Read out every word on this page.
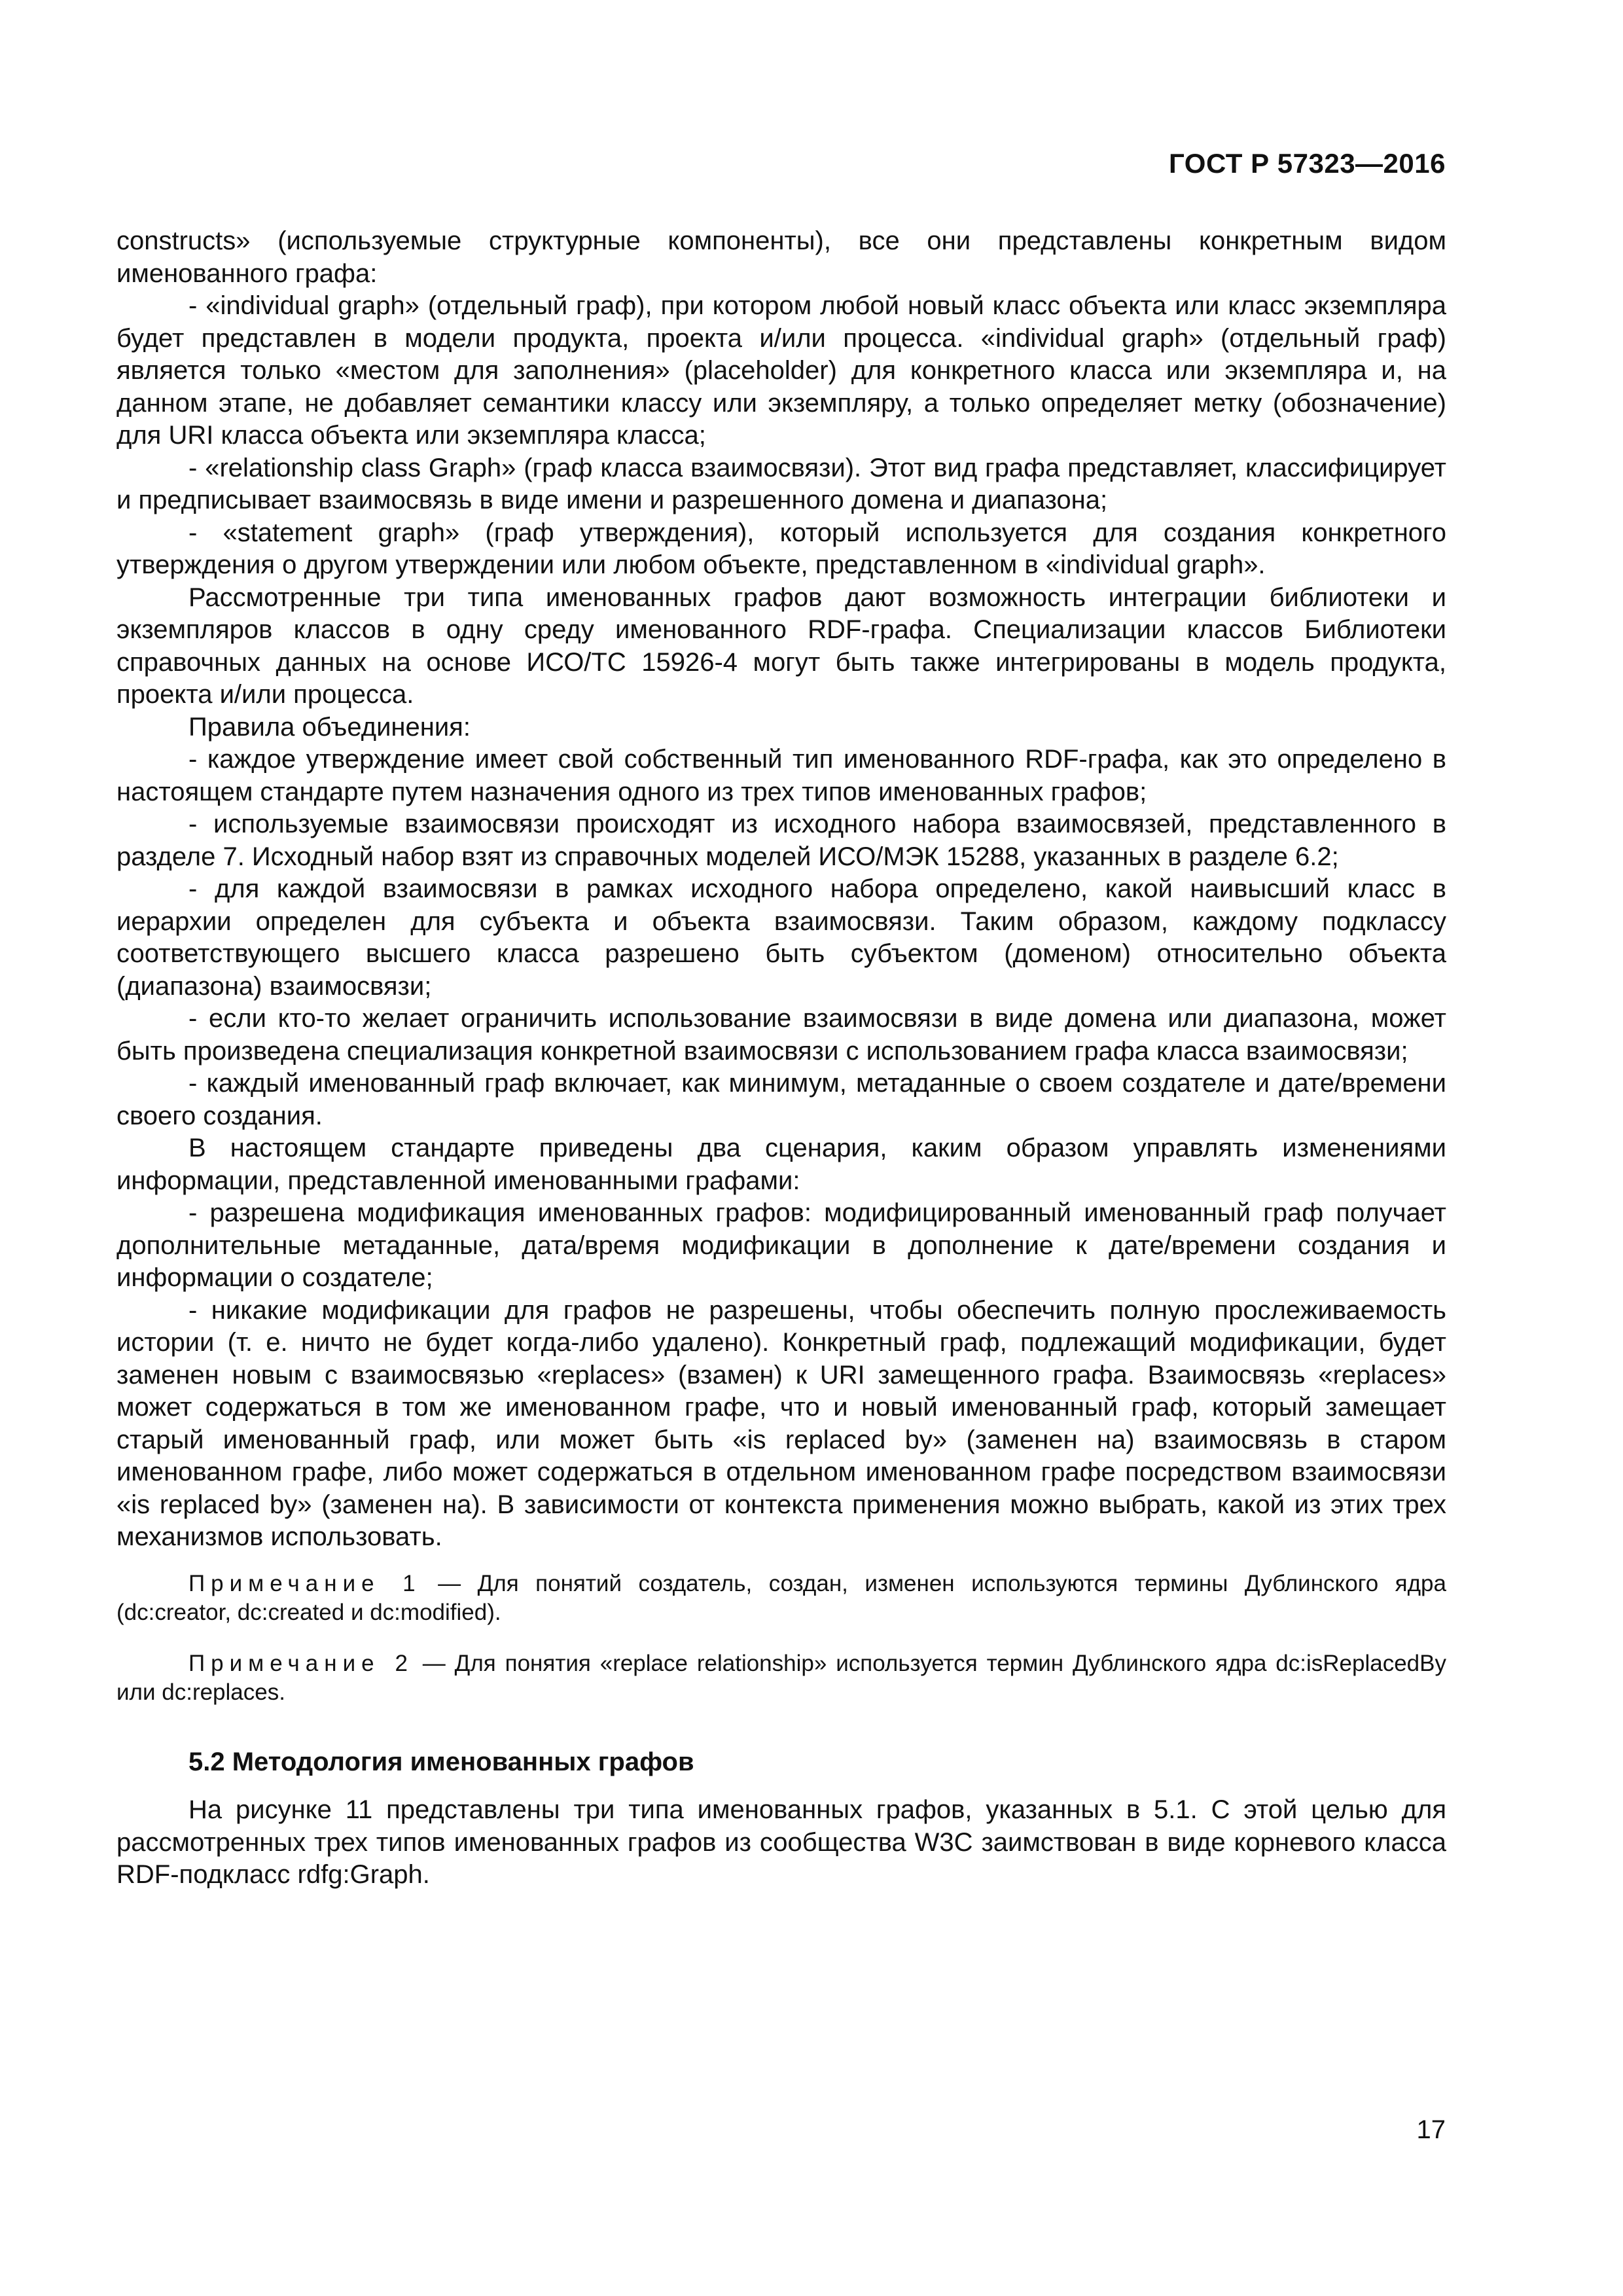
ГОСТ Р 57323—2016

constructs» (используемые структурные компоненты), все они представлены конкретным видом именованного графа:

- «individual graph» (отдельный граф), при котором любой новый класс объекта или класс экземпляра будет представлен в модели продукта, проекта и/или процесса. «individual graph» (отдельный граф) является только «местом для заполнения» (placeholder) для конкретного класса или экземпляра и, на данном этапе, не добавляет семантики классу или экземпляру, а только определяет метку (обозначение) для URI класса объекта или экземпляра класса;

- «relationship class Graph» (граф класса взаимосвязи). Этот вид графа представляет, классифицирует и предписывает взаимосвязь в виде имени и разрешенного домена и диапазона;

- «statement graph» (граф утверждения), который используется для создания конкретного утверждения о другом утверждении или любом объекте, представленном в «individual graph».

Рассмотренные три типа именованных графов дают возможность интеграции библиотеки и экземпляров классов в одну среду именованного RDF-графа. Специализации классов Библиотеки справочных данных на основе ИСО/ТС 15926-4 могут быть также интегрированы в модель продукта, проекта и/или процесса.

Правила объединения:

- каждое утверждение имеет свой собственный тип именованного RDF-графа, как это определено в настоящем стандарте путем назначения одного из трех типов именованных графов;

- используемые взаимосвязи происходят из исходного набора взаимосвязей, представленного в разделе 7. Исходный набор взят из справочных моделей ИСО/МЭК 15288, указанных в разделе 6.2;

- для каждой взаимосвязи в рамках исходного набора определено, какой наивысший класс в иерархии определен для субъекта и объекта взаимосвязи. Таким образом, каждому подклассу соответствующего высшего класса разрешено быть субъектом (доменом) относительно объекта (диапазона) взаимосвязи;

- если кто-то желает ограничить использование взаимосвязи в виде домена или диапазона, может быть произведена специализация конкретной взаимосвязи с использованием графа класса взаимосвязи;

- каждый именованный граф включает, как минимум, метаданные о своем создателе и дате/времени своего создания.

В настоящем стандарте приведены два сценария, каким образом управлять изменениями информации, представленной именованными графами:

- разрешена модификация именованных графов: модифицированный именованный граф получает дополнительные метаданные, дата/время модификации в дополнение к дате/времени создания и информации о создателе;

- никакие модификации для графов не разрешены, чтобы обеспечить полную прослеживаемость истории (т. е. ничто не будет когда-либо удалено). Конкретный граф, подлежащий модификации, будет заменен новым с взаимосвязью «replaces» (взамен) к URI замещенного графа. Взаимосвязь «replaces» может содержаться в том же именованном графе, что и новый именованный граф, который замещает старый именованный граф, или может быть «is replaced by» (заменен на) взаимосвязь в старом именованном графе, либо может содержаться в отдельном именованном графе посредством взаимосвязи «is replaced by» (заменен на). В зависимости от контекста применения можно выбрать, какой из этих трех механизмов использовать.

Примечание 1 — Для понятий создатель, создан, изменен используются термины Дублинского ядра (dc:creator, dc:created и dc:modified).

Примечание 2 — Для понятия «replace relationship» используется термин Дублинского ядра dc:isReplacedBy или dc:replaces.

5.2 Методология именованных графов

На рисунке 11 представлены три типа именованных графов, указанных в 5.1. С этой целью для рассмотренных трех типов именованных графов из сообщества W3C заимствован в виде корневого класса RDF-подкласс rdfg:Graph.

17
